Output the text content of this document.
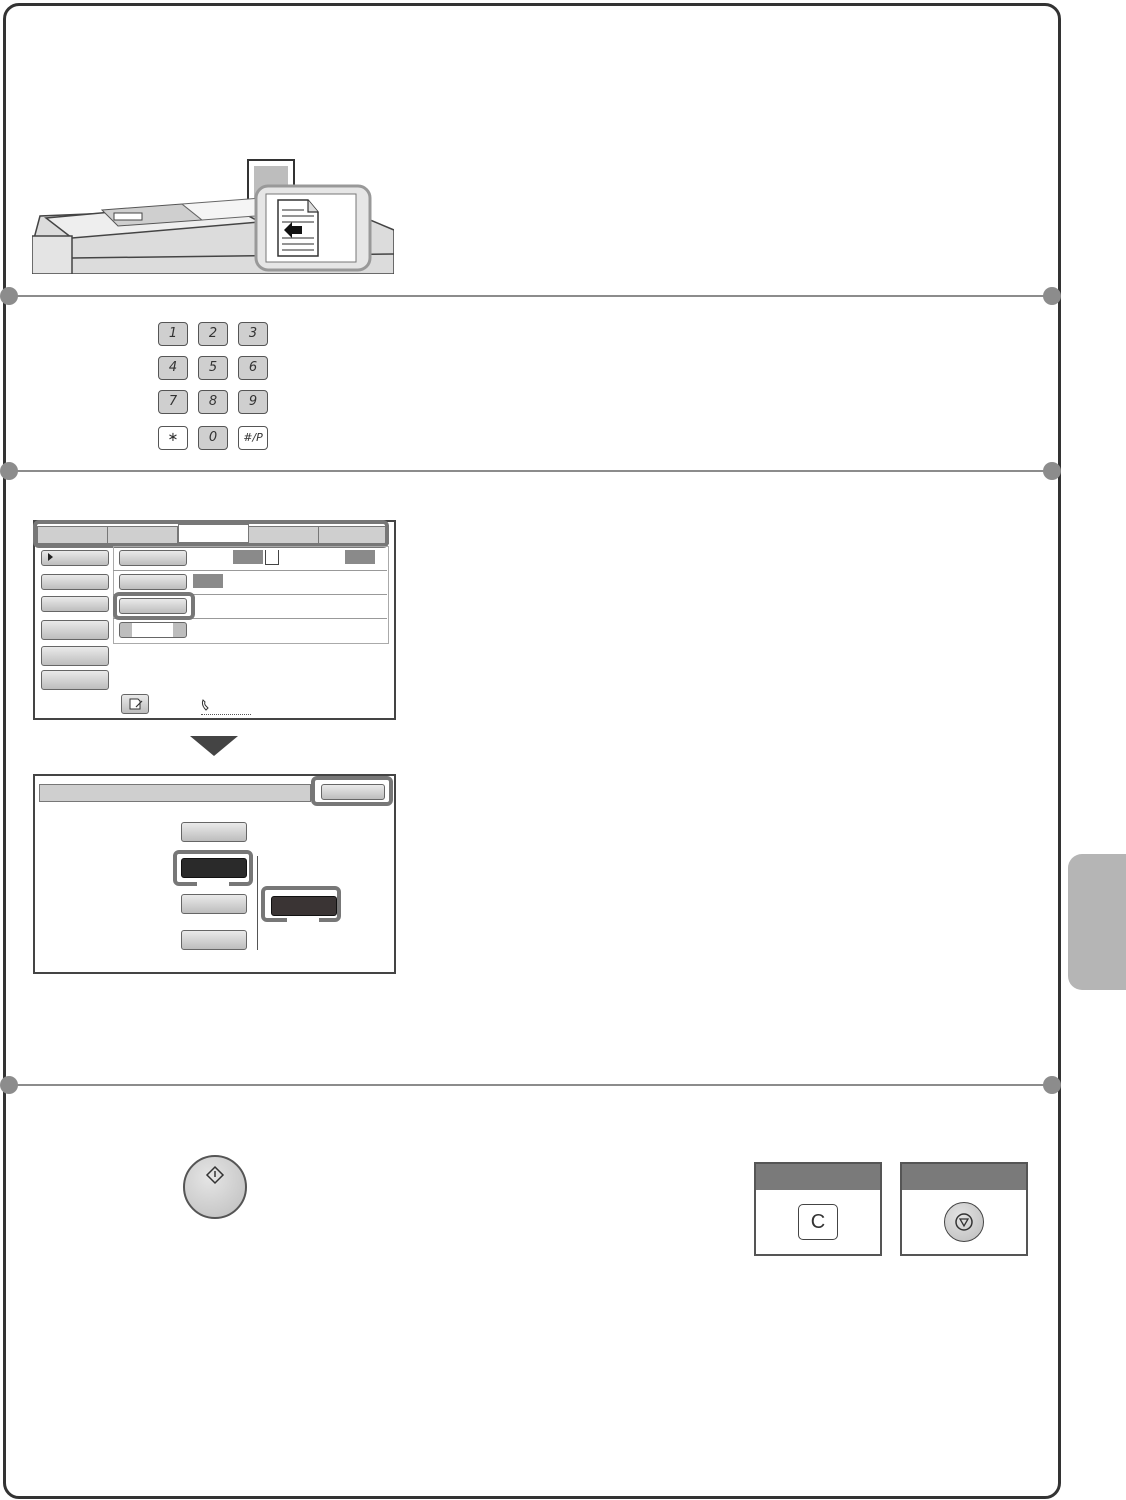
1	2	3
4	5	6
7	8	9
∗	0	#/P
C
